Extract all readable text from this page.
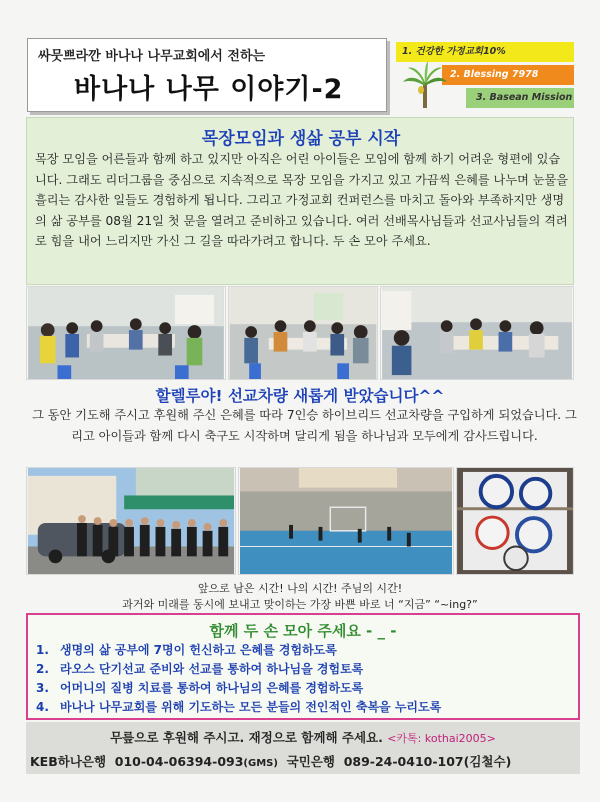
싸뭇쁘라깐 바나나 나무교회에서 전하는
바나나 나무 이야기-2
1. 건강한 가정교회10%
2. Blessing 7978
3. Basean Mission
목장모임과 생삶 공부 시작
목장 모임을 어른들과 함께 하고 있지만 아직은 어린 아이들은 모임에 함께 하기 어려운 형편에 있습니다. 그래도 리더그룹을 중심으로 지속적으로 목장 모임을 가지고 있고 가끔씩 은혜를 나누며 눈물을 흘리는 감사한 일들도 경험하게 됩니다. 그리고 가정교회 컨퍼런스를 마치고 돌아와 부족하지만 생명의 삶 공부를 08월 21일 첫 문을 열려고 준비하고 있습니다. 여러 선배목사님들과 선교사님들의 격려로 힘을 내어 느리지만 가신 그 길을 따라가려고 합니다. 두 손 모아 주세요.
할렐루야! 선교차량 새롭게 받았습니다^^
그 동안 기도해 주시고 후원해 주신 은혜를 따라 7인승 하이브리드 선교차량을 구입하게 되었습니다. 그리고 아이들과 함께 다시 축구도 시작하며 달리게 됨을 하나님과 모두에게 감사드립니다.
앞으로 남은 시간! 나의 시간! 주님의 시간!
과거와 미래를 동시에 보내고 맞이하는 가장 바쁜 바로 너 “지금” “~ing?”
함께 두 손 모아 주세요 - _ -
1. 생명의 삶 공부에 7명이 헌신하고 은혜를 경험하도록
2. 라오스 단기선교 준비와 선교를 통하여 하나님을 경험토록
3. 어머니의 질병 치료를 통하여 하나님의 은혜를 경험하도록
4. 바나나 나무교회를 위해 기도하는 모든 분들의 전인적인 축복을 누리도록
무릎으로 후원해 주시고. 재정으로 함께해 주세요. <카톡: kothai2005>
KEB하나은행 010-04-06394-093(GMS) 국민은행 089-24-0410-107(김철수)
